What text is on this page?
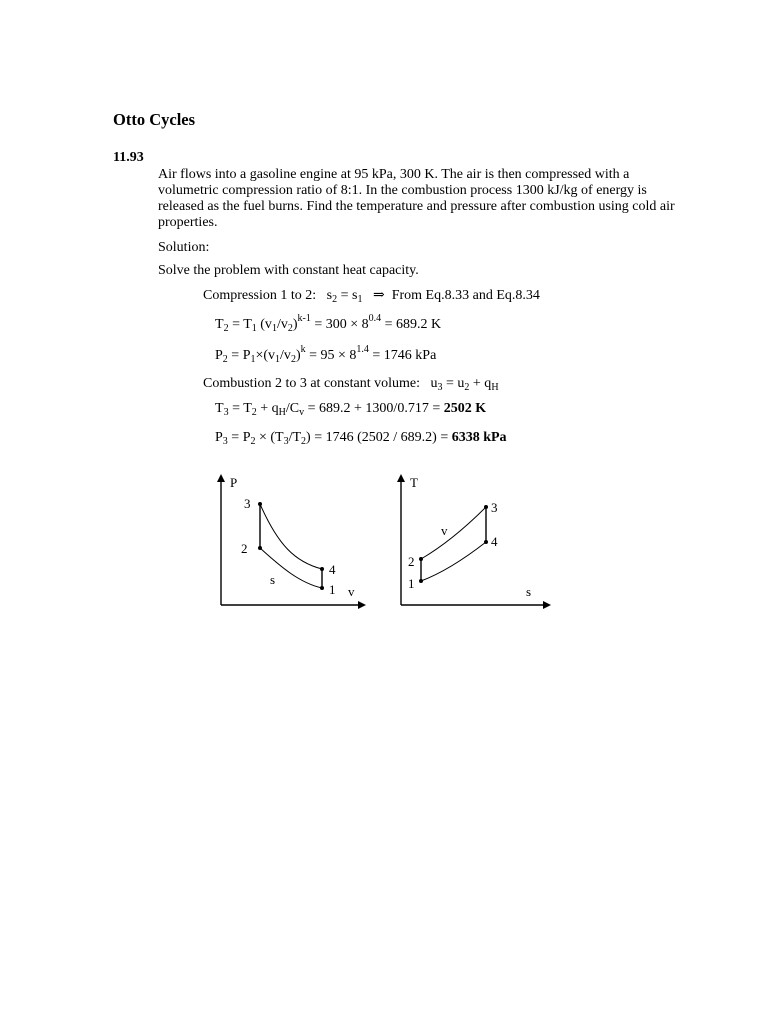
Otto Cycles
11.93
Air flows into a gasoline engine at 95 kPa, 300 K. The air is then compressed with a volumetric compression ratio of 8:1. In the combustion process 1300 kJ/kg of energy is released as the fuel burns. Find the temperature and pressure after combustion using cold air properties.
Solution:
Solve the problem with constant heat capacity.
Compression 1 to 2: $s_2 = s_1$ ⇒ From Eq.8.33 and Eq.8.34
$T_2 = T_1$ $(v_1/v_2)^{k-1} = 300 \times 8^{0.4} = 689.2$ K
$P_2 = P_1\times(v_1/v_2)^k = 95 \times 8^{1.4} = 1746$ kPa
Combustion 2 to 3 at constant volume: $u_3 = u_2 + q_H$
$T_3 = T_2 + q_H/C_v = 689.2 + 1300/0.717 = 2502$ K
$P_3 = P_2 \times (T_3/T_2) = 1746$ (2502 / 689.2) = 6338 kPa
P
v
1
2
3
4
s
T
s
1
2
3
4
v
